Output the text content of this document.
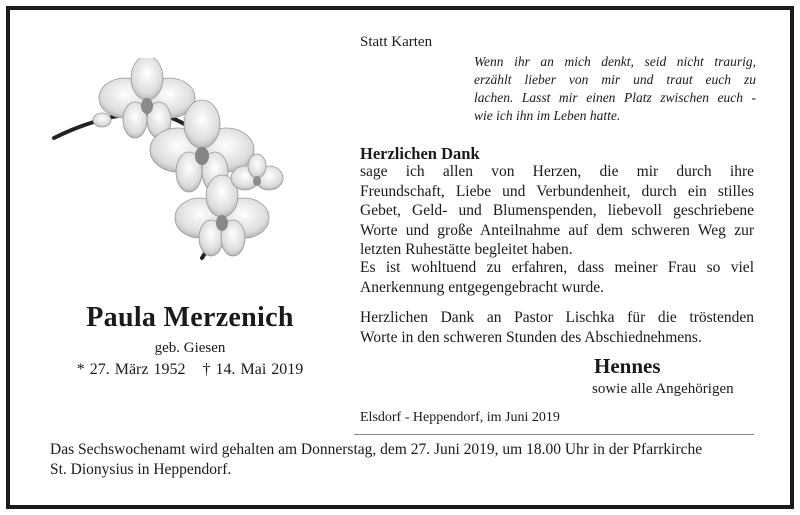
Paula Merzenich
geb. Giesen
* 27. März 1952 † 14. Mai 2019
Statt Karten
Wenn ihr an mich denkt, seid nicht traurig,
erzählt lieber von mir und traut euch zu
lachen. Lasst mir einen Platz zwischen euch -
wie ich ihn im Leben hatte.
Herzlichen Dank
sage ich allen von Herzen, die mir durch ihre
Freundschaft, Liebe und Verbundenheit, durch ein stilles
Gebet, Geld- und Blumenspenden, liebevoll geschriebene
Worte und große Anteilnahme auf dem schweren Weg zur
letzten Ruhestätte begleitet haben.
Es ist wohltuend zu erfahren, dass meiner Frau so viel
Anerkennung entgegengebracht wurde.
Herzlichen Dank an Pastor Lischka für die tröstenden
Worte in den schweren Stunden des Abschiednehmens.
Hennes
sowie alle Angehörigen
Elsdorf - Heppendorf, im Juni 2019
Das Sechswochenamt wird gehalten am Donnerstag, dem 27. Juni 2019, um 18.00 Uhr in der Pfarrkirche
St. Dionysius in Heppendorf.
